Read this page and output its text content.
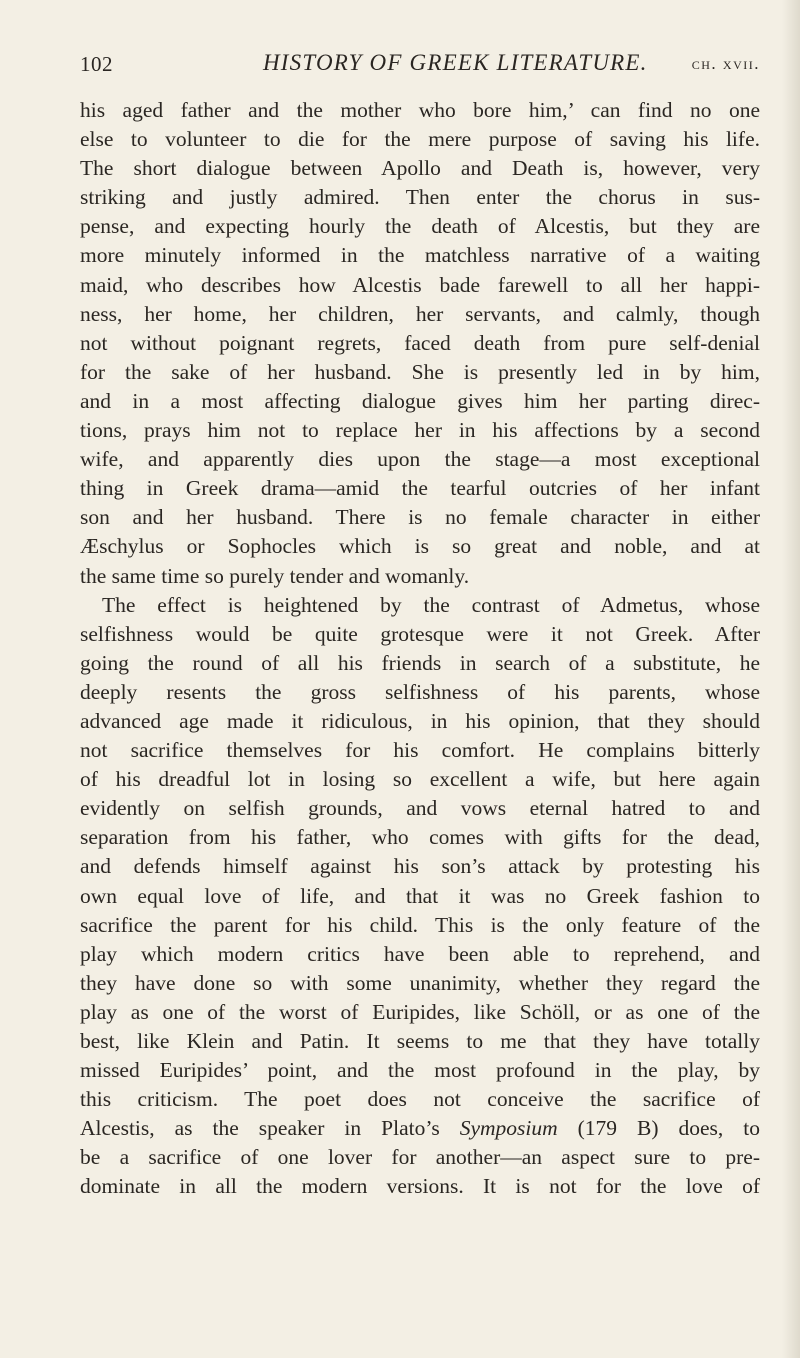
102	HISTORY OF GREEK LITERATURE.	ch. xvii.
his aged father and the mother who bore him,’ can find no one
else to volunteer to die for the mere purpose of saving his life.
The short dialogue between Apollo and Death is, however, very
striking and justly admired. Then enter the chorus in sus-
pense, and expecting hourly the death of Alcestis, but they are
more minutely informed in the matchless narrative of a waiting
maid, who describes how Alcestis bade farewell to all her happi-
ness, her home, her children, her servants, and calmly, though
not without poignant regrets, faced death from pure self-denial
for the sake of her husband. She is presently led in by him,
and in a most affecting dialogue gives him her parting direc-
tions, prays him not to replace her in his affections by a second
wife, and apparently dies upon the stage—a most exceptional
thing in Greek drama—amid the tearful outcries of her infant
son and her husband. There is no female character in either
Æschylus or Sophocles which is so great and noble, and at
the same time so purely tender and womanly.
The effect is heightened by the contrast of Admetus, whose
selfishness would be quite grotesque were it not Greek. After
going the round of all his friends in search of a substitute, he
deeply resents the gross selfishness of his parents, whose
advanced age made it ridiculous, in his opinion, that they should
not sacrifice themselves for his comfort. He complains bitterly
of his dreadful lot in losing so excellent a wife, but here again
evidently on selfish grounds, and vows eternal hatred to and
separation from his father, who comes with gifts for the dead,
and defends himself against his son’s attack by protesting his
own equal love of life, and that it was no Greek fashion to
sacrifice the parent for his child. This is the only feature of the
play which modern critics have been able to reprehend, and
they have done so with some unanimity, whether they regard the
play as one of the worst of Euripides, like Schöll, or as one of the
best, like Klein and Patin. It seems to me that they have totally
missed Euripides’ point, and the most profound in the play, by
this criticism. The poet does not conceive the sacrifice of
Alcestis, as the speaker in Plato’s Symposium (179 B) does, to
be a sacrifice of one lover for another—an aspect sure to pre-
dominate in all the modern versions. It is not for the love of
